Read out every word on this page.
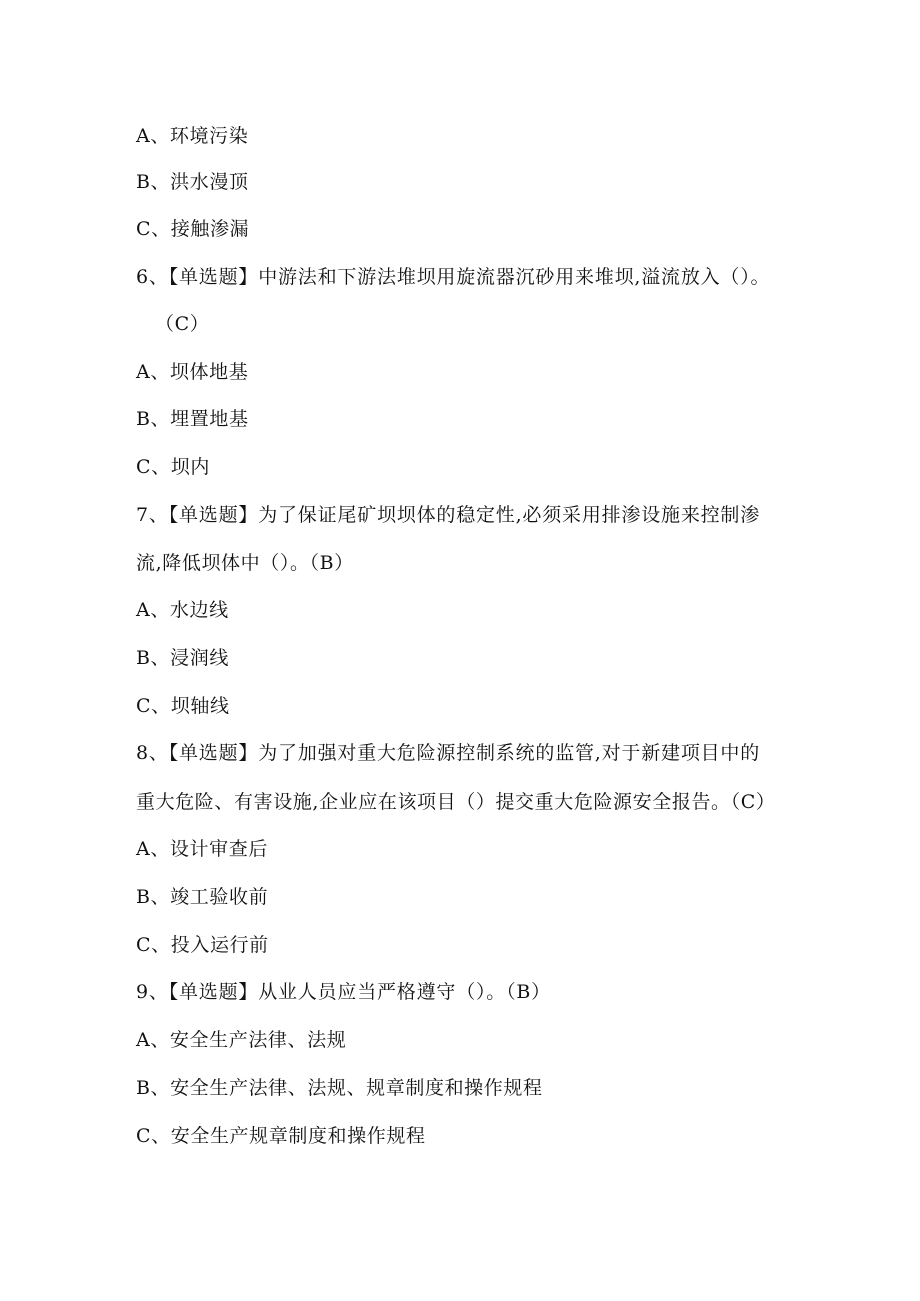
A、环境污染
B、洪水漫顶
C、接触渗漏
6、【单选题】中游法和下游法堆坝用旋流器沉砂用来堆坝,溢流放入（）。
（C）
A、坝体地基
B、埋置地基
C、坝内
7、【单选题】为了保证尾矿坝坝体的稳定性,必须采用排渗设施来控制渗
流,降低坝体中（）。（B）
A、水边线
B、浸润线
C、坝轴线
8、【单选题】为了加强对重大危险源控制系统的监管,对于新建项目中的
重大危险、有害设施,企业应在该项目（）提交重大危险源安全报告。（C）
A、设计审查后
B、竣工验收前
C、投入运行前
9、【单选题】从业人员应当严格遵守（）。（B）
A、安全生产法律、法规
B、安全生产法律、法规、规章制度和操作规程
C、安全生产规章制度和操作规程
